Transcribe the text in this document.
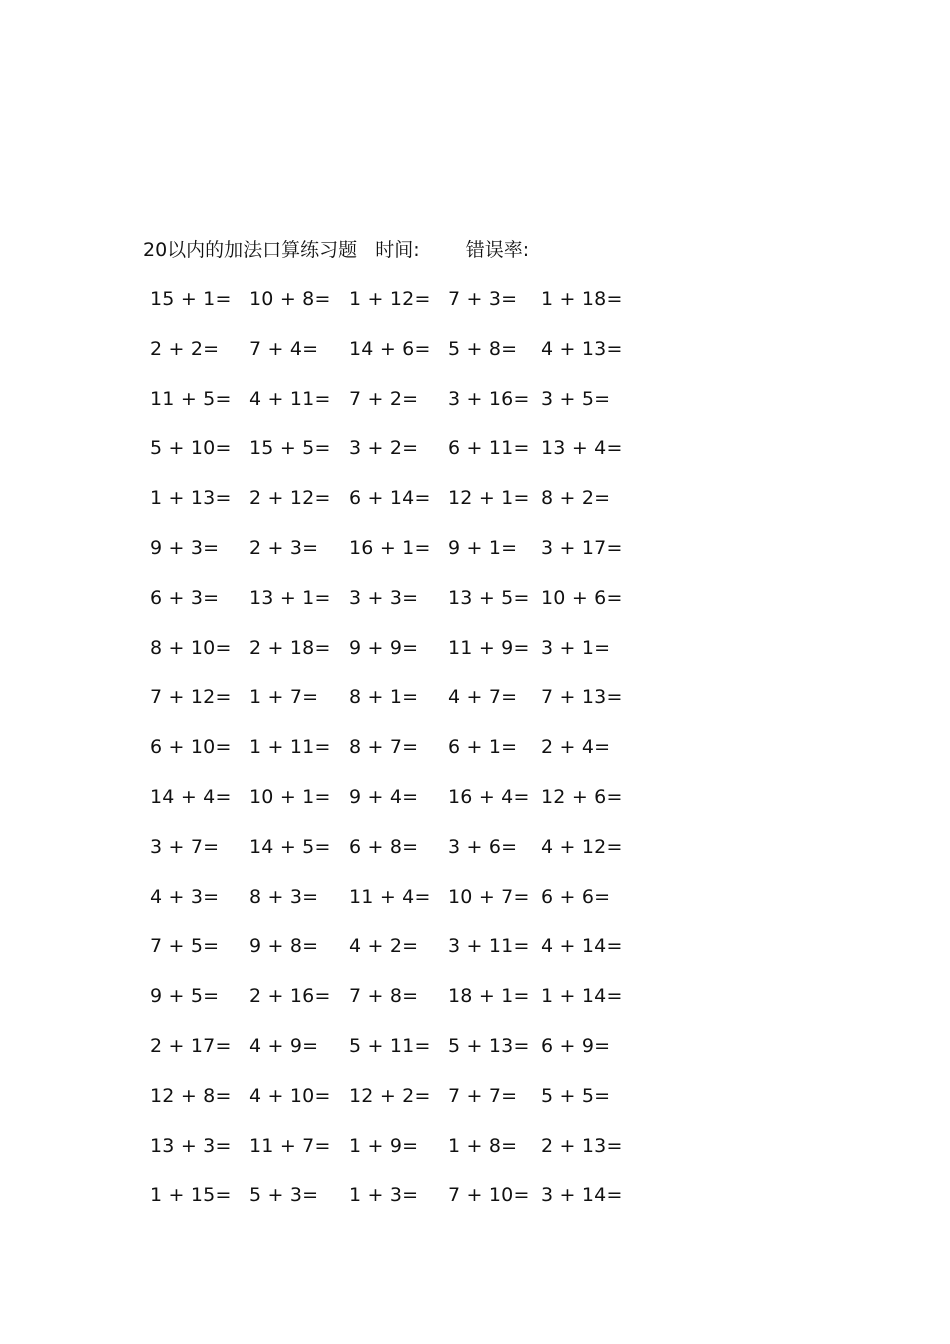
20以内的加法口算练习题 时间: 错误率:
15 + 1= 10 + 8= 1 + 12= 7 + 3= 1 + 18=
2 + 2= 7 + 4= 14 + 6= 5 + 8= 4 + 13=
11 + 5= 4 + 11= 7 + 2= 3 + 16= 3 + 5=
5 + 10= 15 + 5= 3 + 2= 6 + 11= 13 + 4=
1 + 13= 2 + 12= 6 + 14= 12 + 1= 8 + 2=
9 + 3= 2 + 3= 16 + 1= 9 + 1= 3 + 17=
6 + 3= 13 + 1= 3 + 3= 13 + 5= 10 + 6=
8 + 10= 2 + 18= 9 + 9= 11 + 9= 3 + 1=
7 + 12= 1 + 7= 8 + 1= 4 + 7= 7 + 13=
6 + 10= 1 + 11= 8 + 7= 6 + 1= 2 + 4=
14 + 4= 10 + 1= 9 + 4= 16 + 4= 12 + 6=
3 + 7= 14 + 5= 6 + 8= 3 + 6= 4 + 12=
4 + 3= 8 + 3= 11 + 4= 10 + 7= 6 + 6=
7 + 5= 9 + 8= 4 + 2= 3 + 11= 4 + 14=
9 + 5= 2 + 16= 7 + 8= 18 + 1= 1 + 14=
2 + 17= 4 + 9= 5 + 11= 5 + 13= 6 + 9=
12 + 8= 4 + 10= 12 + 2= 7 + 7= 5 + 5=
13 + 3= 11 + 7= 1 + 9= 1 + 8= 2 + 13=
1 + 15= 5 + 3= 1 + 3= 7 + 10= 3 + 14=
